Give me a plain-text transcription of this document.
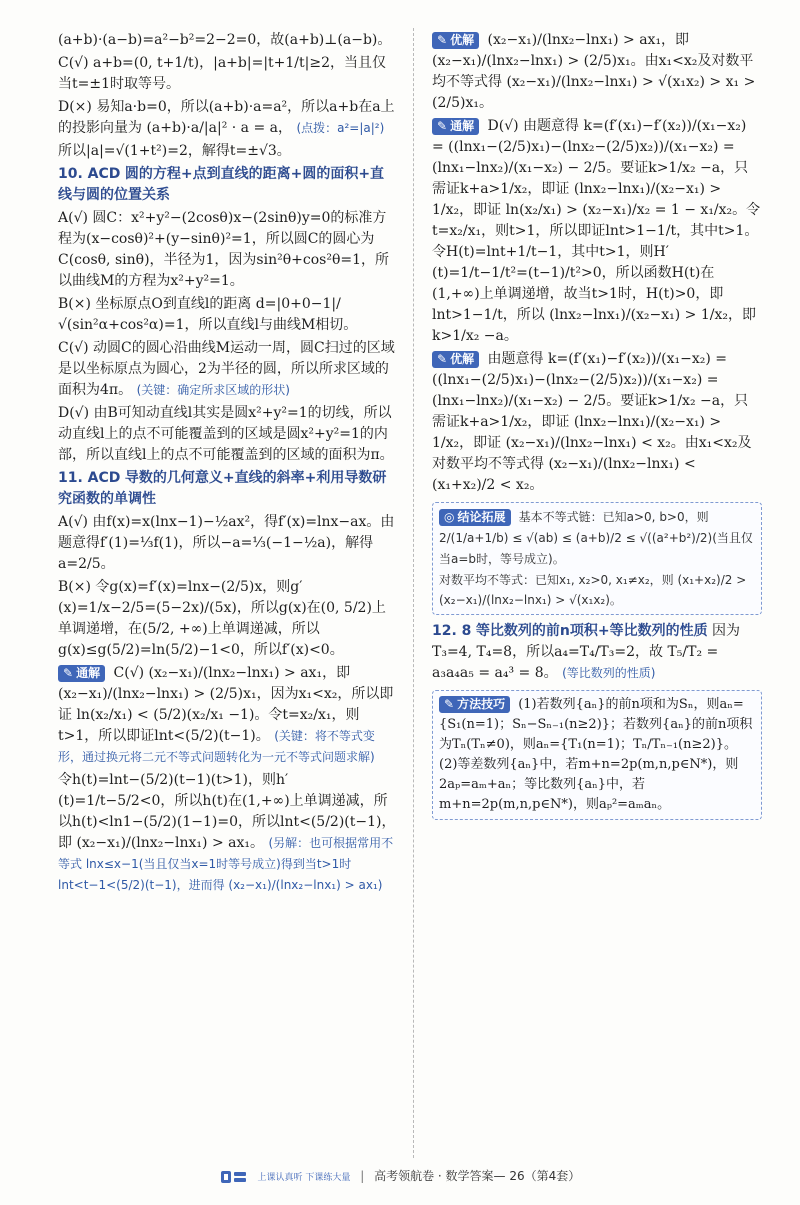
(a+b)·(a−b)=a²−b²=2−2=0，故(a+b)⊥(a−b)。

C(√) a+b=(0, t+1/t)，|a+b|=|t+1/t|≥2，当且仅当t=±1时取等号。

D(×) 易知a·b=0，所以(a+b)·a=a²，所以a+b在a上的投影向量为 (a+b)·a/|a|² · a = a， (点拨：a²=|a|²)

所以|a|=√(1+t²)=2，解得t=±√3。

10. ACD 圆的方程+点到直线的距离+圆的面积+直线与圆的位置关系

A(√) 圆C：x²+y²−(2cosθ)x−(2sinθ)y=0的标准方程为(x−cosθ)²+(y−sinθ)²=1，所以圆C的圆心为C(cosθ, sinθ)，半径为1，因为sin²θ+cos²θ=1，所以曲线M的方程为x²+y²=1。

B(×) 坐标原点O到直线l的距离 d=|0+0−1|/√(sin²α+cos²α)=1，所以直线l与曲线M相切。

C(√) 动圆C的圆心沿曲线M运动一周，圆C扫过的区域是以坐标原点为圆心，2为半径的圆，所以所求区域的面积为4π。 (关键：确定所求区域的形状)

D(√) 由B可知动直线l其实是圆x²+y²=1的切线，所以动直线l上的点不可能覆盖到的区域是圆x²+y²=1的内部，所以直线l上的点不可能覆盖到的区域的面积为π。

11. ACD 导数的几何意义+直线的斜率+利用导数研究函数的单调性

A(√) 由f(x)=x(lnx−1)−½ax²，得f′(x)=lnx−ax。由题意得f′(1)=⅓f(1)，所以−a=⅓(−1−½a)，解得a=2/5。

B(×) 令g(x)=f′(x)=lnx−(2/5)x，则g′(x)=1/x−2/5=(5−2x)/(5x)，所以g(x)在(0, 5/2)上单调递增，在(5/2, +∞)上单调递减，所以g(x)≤g(5/2)=ln(5/2)−1<0，所以f′(x)<0。

✎ 通解 C(√) (x₂−x₁)/(lnx₂−lnx₁) > ax₁，即 (x₂−x₁)/(lnx₂−lnx₁) > (2/5)x₁，因为x₁<x₂，所以即证 ln(x₂/x₁) < (5/2)(x₂/x₁ −1)。令t=x₂/x₁，则t>1，所以即证lnt<(5/2)(t−1)。 (关键：将不等式变形，通过换元将二元不等式问题转化为一元不等式问题求解)

令h(t)=lnt−(5/2)(t−1)(t>1)，则h′(t)=1/t−5/2<0，所以h(t)在(1,+∞)上单调递减，所以h(t)<ln1−(5/2)(1−1)=0，所以lnt<(5/2)(t−1)，即 (x₂−x₁)/(lnx₂−lnx₁) > ax₁。 (另解：也可根据常用不等式 lnx≤x−1(当且仅当x=1时等号成立)得到当t>1时 lnt<t−1<(5/2)(t−1)，进而得 (x₂−x₁)/(lnx₂−lnx₁) > ax₁)

✎ 优解 (x₂−x₁)/(lnx₂−lnx₁) > ax₁，即 (x₂−x₁)/(lnx₂−lnx₁) > (2/5)x₁。由x₁<x₂及对数平均不等式得 (x₂−x₁)/(lnx₂−lnx₁) > √(x₁x₂) > x₁ > (2/5)x₁。

✎ 通解 D(√) 由题意得 k=(f′(x₁)−f′(x₂))/(x₁−x₂) = ((lnx₁−(2/5)x₁)−(lnx₂−(2/5)x₂))/(x₁−x₂) = (lnx₁−lnx₂)/(x₁−x₂) − 2/5。要证k>1/x₂ −a，只需证k+a>1/x₂，即证 (lnx₂−lnx₁)/(x₂−x₁) > 1/x₂，即证 ln(x₂/x₁) > (x₂−x₁)/x₂ = 1 − x₁/x₂。令t=x₂/x₁，则t>1，所以即证lnt>1−1/t，其中t>1。令H(t)=lnt+1/t−1，其中t>1，则H′(t)=1/t−1/t²=(t−1)/t²>0，所以函数H(t)在(1,+∞)上单调递增，故当t>1时，H(t)>0，即lnt>1−1/t，所以 (lnx₂−lnx₁)/(x₂−x₁) > 1/x₂，即k>1/x₂ −a。

✎ 优解 由题意得 k=(f′(x₁)−f′(x₂))/(x₁−x₂) = ((lnx₁−(2/5)x₁)−(lnx₂−(2/5)x₂))/(x₁−x₂) = (lnx₁−lnx₂)/(x₁−x₂) − 2/5。要证k>1/x₂ −a，只需证k+a>1/x₂，即证 (lnx₂−lnx₁)/(x₂−x₁) > 1/x₂，即证 (x₂−x₁)/(lnx₂−lnx₁) < x₂。由x₁<x₂及对数平均不等式得 (x₂−x₁)/(lnx₂−lnx₁) < (x₁+x₂)/2 < x₂。

◎ 结论拓展 基本不等式链：已知a>0, b>0，则 2/(1/a+1/b) ≤ √(ab) ≤ (a+b)/2 ≤ √((a²+b²)/2)(当且仅当a=b时，等号成立)。
对数平均不等式：已知x₁, x₂>0, x₁≠x₂，则 (x₁+x₂)/2 > (x₂−x₁)/(lnx₂−lnx₁) > √(x₁x₂)。

12. 8 等比数列的前n项积+等比数列的性质 因为T₃=4, T₄=8，所以a₄=T₄/T₃=2，故 T₅/T₂ = a₃a₄a₅ = a₄³ = 8。 (等比数列的性质)

✎ 方法技巧 (1)若数列{aₙ}的前n项和为Sₙ，则aₙ={S₁(n=1)；Sₙ−Sₙ₋₁(n≥2)}；若数列{aₙ}的前n项积为Tₙ(Tₙ≠0)，则aₙ={T₁(n=1)；Tₙ/Tₙ₋₁(n≥2)}。
(2)等差数列{aₙ}中，若m+n=2p(m,n,p∈N*)，则2aₚ=aₘ+aₙ；等比数列{aₙ}中，若m+n=2p(m,n,p∈N*)，则aₚ²=aₘaₙ。
上课认真听 下课练大量 | 高考领航卷 · 数学答案— 26（第4套）
